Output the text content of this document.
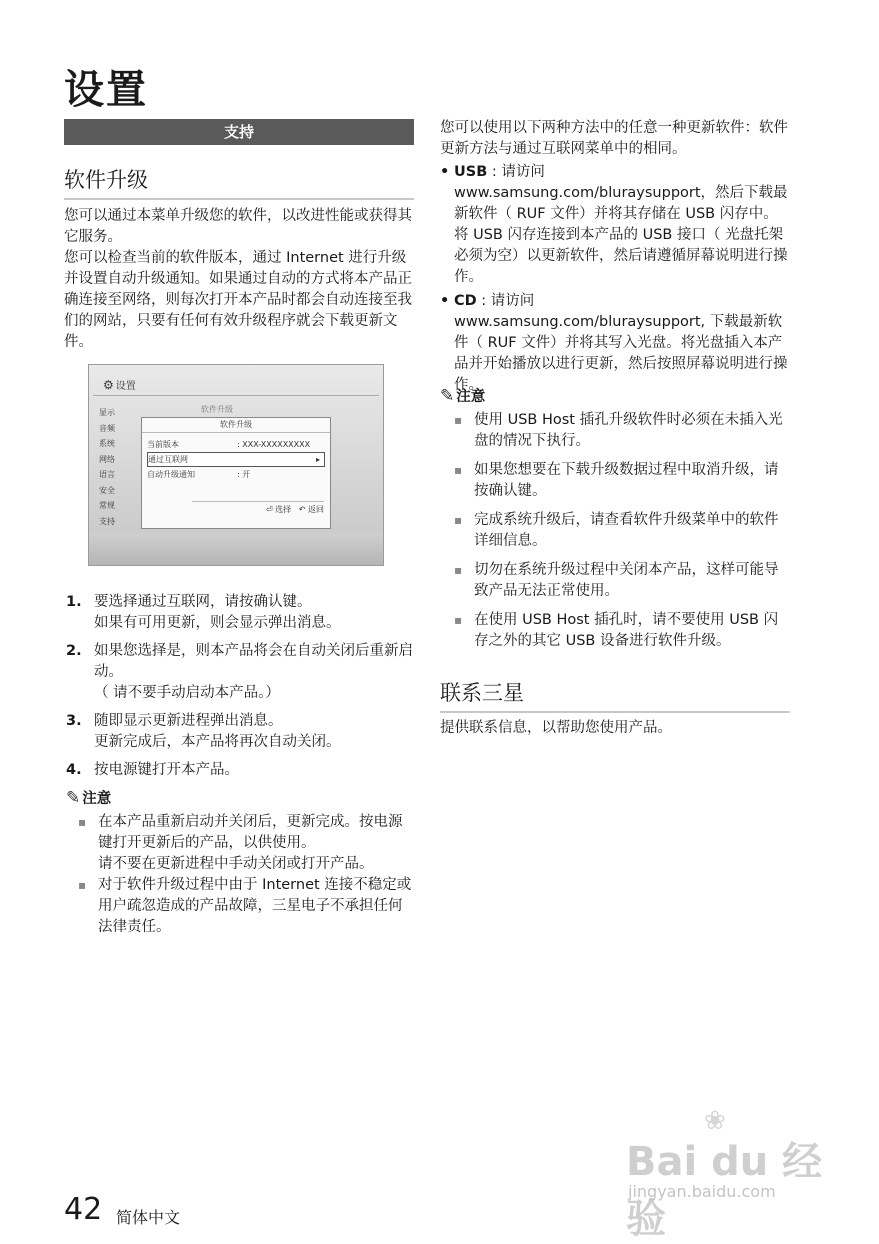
设置
支持
软件升级

您可以通过本菜单升级您的软件，以改进性能或获得其它服务。

您可以检查当前的软件版本，通过 Internet 进行升级并设置自动升级通知。如果通过自动的方式将本产品正确连接至网络，则每次打开本产品时都会自动连接至我们的网站，只要有任何有效升级程序就会下载更新文件。

⚙ 设置
显示
音频
系统
网络
语言
安全
常规
支持
软件升级
软件升级
当前版本	: XXX-XXXXXXXXX
通过互联网	▸
自动升级通知	: 开
⏎ 选择 ↶ 返回
1. 要选择通过互联网，请按确认键。
如果有可用更新，则会显示弹出消息。
2. 如果您选择是，则本产品将会在自动关闭后重新启动。
（ 请不要手动启动本产品。）
3. 随即显示更新进程弹出消息。
更新完成后，本产品将再次自动关闭。
4. 按电源键打开本产品。
✎ 注意
▪ 在本产品重新启动并关闭后，更新完成。按电源键打开更新后的产品，以供使用。
请不要在更新进程中手动关闭或打开产品。
▪ 对于软件升级过程中由于 Internet 连接不稳定或用户疏忽造成的产品故障，三星电子不承担任何法律责任。
您可以使用以下两种方法中的任意一种更新软件：软件更新方法与通过互联网菜单中的相同。
• USB : 请访问 www.samsung.com/bluraysupport，然后下载最新软件（ RUF 文件）并将其存储在 USB 闪存中。将 USB 闪存连接到本产品的 USB 接口（ 光盘托架必须为空）以更新软件，然后请遵循屏幕说明进行操作。
• CD : 请访问 www.samsung.com/bluraysupport, 下载最新软件（ RUF 文件）并将其写入光盘。将光盘插入本产品并开始播放以进行更新，然后按照屏幕说明进行操作。
✎ 注意
▪ 使用 USB Host 插孔升级软件时必须在未插入光盘的情况下执行。
▪ 如果您想要在下载升级数据过程中取消升级，请按确认键。
▪ 完成系统升级后，请查看软件升级菜单中的软件详细信息。
▪ 切勿在系统升级过程中关闭本产品，这样可能导致产品无法正常使用。
▪ 在使用 USB Host 插孔时，请不要使用 USB 闪存之外的其它 USB 设备进行软件升级。
联系三星
提供联系信息，以帮助您使用产品。
42 简体中文
❀
Bai du 经验
jingyan.baidu.com
